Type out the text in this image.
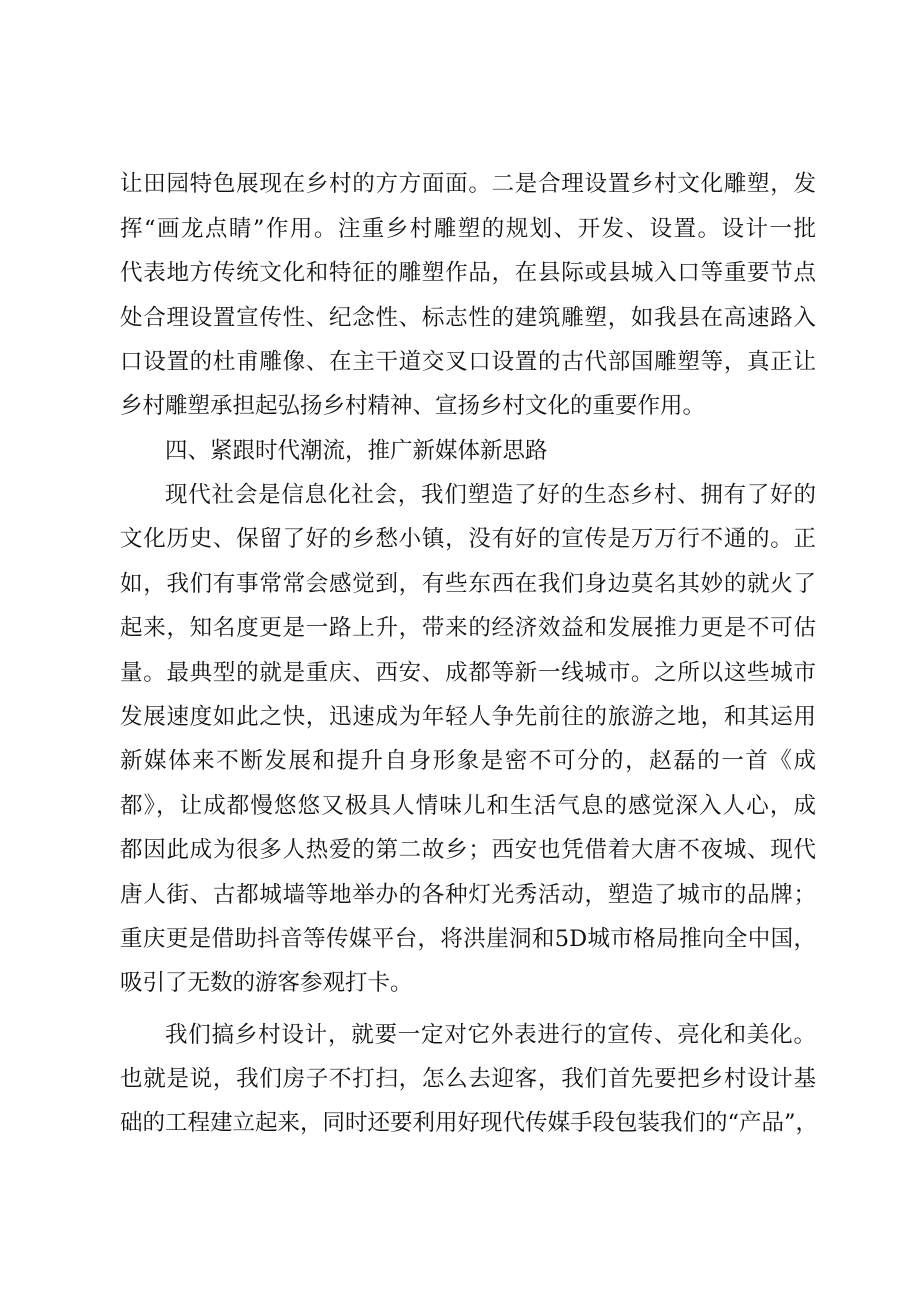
让田园特色展现在乡村的方方面面。二是合理设置乡村文化雕塑，发
挥“画龙点睛”作用。注重乡村雕塑的规划、开发、设置。设计一批
代表地方传统文化和特征的雕塑作品，在县际或县城入口等重要节点
处合理设置宣传性、纪念性、标志性的建筑雕塑，如我县在高速路入
口设置的杜甫雕像、在主干道交叉口设置的古代部国雕塑等，真正让
乡村雕塑承担起弘扬乡村精神、宣扬乡村文化的重要作用。
四、紧跟时代潮流，推广新媒体新思路
现代社会是信息化社会，我们塑造了好的生态乡村、拥有了好的
文化历史、保留了好的乡愁小镇，没有好的宣传是万万行不通的。正
如，我们有事常常会感觉到，有些东西在我们身边莫名其妙的就火了
起来，知名度更是一路上升，带来的经济效益和发展推力更是不可估
量。最典型的就是重庆、西安、成都等新一线城市。之所以这些城市
发展速度如此之快，迅速成为年轻人争先前往的旅游之地，和其运用
新媒体来不断发展和提升自身形象是密不可分的，赵磊的一首《成
都》，让成都慢悠悠又极具人情味儿和生活气息的感觉深入人心，成
都因此成为很多人热爱的第二故乡；西安也凭借着大唐不夜城、现代
唐人街、古都城墙等地举办的各种灯光秀活动，塑造了城市的品牌；
重庆更是借助抖音等传媒平台，将洪崖洞和5D城市格局推向全中国，
吸引了无数的游客参观打卡。
我们搞乡村设计，就要一定对它外表进行的宣传、亮化和美化。
也就是说，我们房子不打扫，怎么去迎客，我们首先要把乡村设计基
础的工程建立起来，同时还要利用好现代传媒手段包装我们的“产品”，
